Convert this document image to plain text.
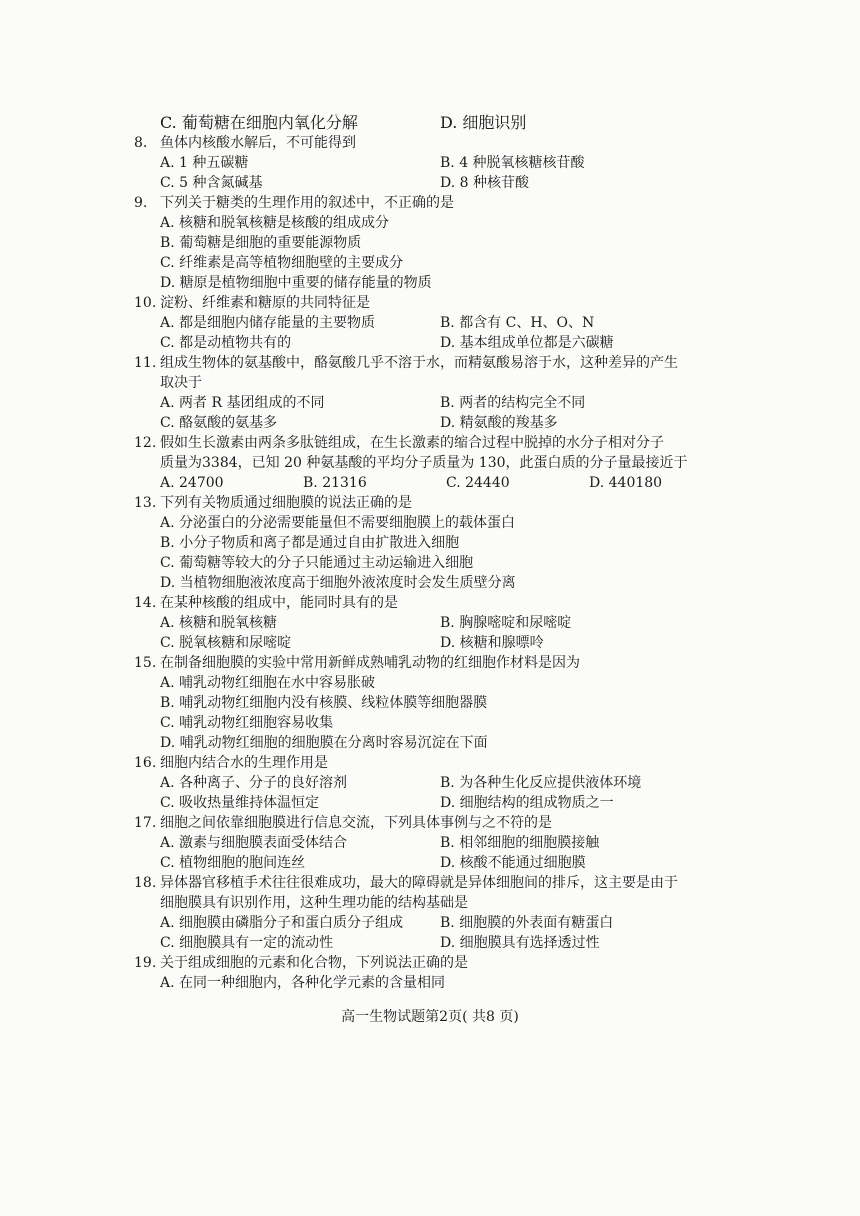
C. 葡萄糖在细胞内氧化分解	D. 细胞识别
8. 鱼体内核酸水解后，不可能得到
A. 1 种五碳糖	B. 4 种脱氧核糖核苷酸
C. 5 种含氮碱基	D. 8 种核苷酸
9. 下列关于糖类的生理作用的叙述中，不正确的是
A. 核糖和脱氧核糖是核酸的组成成分
B. 葡萄糖是细胞的重要能源物质
C. 纤维素是高等植物细胞壁的主要成分
D. 糖原是植物细胞中重要的储存能量的物质
10. 淀粉、纤维素和糖原的共同特征是
A. 都是细胞内储存能量的主要物质	B. 都含有 C、H、O、N
C. 都是动植物共有的	D. 基本组成单位都是六碳糖
11. 组成生物体的氨基酸中，酪氨酸几乎不溶于水，而精氨酸易溶于水，这种差异的产生
取决于
A. 两者 R 基团组成的不同	B. 两者的结构完全不同
C. 酪氨酸的氨基多	D. 精氨酸的羧基多
12. 假如生长激素由两条多肽链组成，在生长激素的缩合过程中脱掉的水分子相对分子
质量为3384，已知 20 种氨基酸的平均分子质量为 130，此蛋白质的分子量最接近于
A. 24700	B. 21316	C. 24440	D. 440180
13. 下列有关物质通过细胞膜的说法正确的是
A. 分泌蛋白的分泌需要能量但不需要细胞膜上的载体蛋白
B. 小分子物质和离子都是通过自由扩散进入细胞
C. 葡萄糖等较大的分子只能通过主动运输进入细胞
D. 当植物细胞液浓度高于细胞外液浓度时会发生质壁分离
14. 在某种核酸的组成中，能同时具有的是
A. 核糖和脱氧核糖	B. 胸腺嘧啶和尿嘧啶
C. 脱氧核糖和尿嘧啶	D. 核糖和腺嘌呤
15. 在制备细胞膜的实验中常用新鲜成熟哺乳动物的红细胞作材料是因为
A. 哺乳动物红细胞在水中容易胀破
B. 哺乳动物红细胞内没有核膜、线粒体膜等细胞器膜
C. 哺乳动物红细胞容易收集
D. 哺乳动物红细胞的细胞膜在分离时容易沉淀在下面
16. 细胞内结合水的生理作用是
A. 各种离子、分子的良好溶剂	B. 为各种生化反应提供液体环境
C. 吸收热量维持体温恒定	D. 细胞结构的组成物质之一
17. 细胞之间依靠细胞膜进行信息交流，下列具体事例与之不符的是
A. 激素与细胞膜表面受体结合	B. 相邻细胞的细胞膜接触
C. 植物细胞的胞间连丝	D. 核酸不能通过细胞膜
18. 异体器官移植手术往往很难成功，最大的障碍就是异体细胞间的排斥，这主要是由于
细胞膜具有识别作用，这种生理功能的结构基础是
A. 细胞膜由磷脂分子和蛋白质分子组成	B. 细胞膜的外表面有糖蛋白
C. 细胞膜具有一定的流动性	D. 细胞膜具有选择透过性
19. 关于组成细胞的元素和化合物，下列说法正确的是
A. 在同一种细胞内，各种化学元素的含量相同
高一生物试题第2页( 共8 页)
